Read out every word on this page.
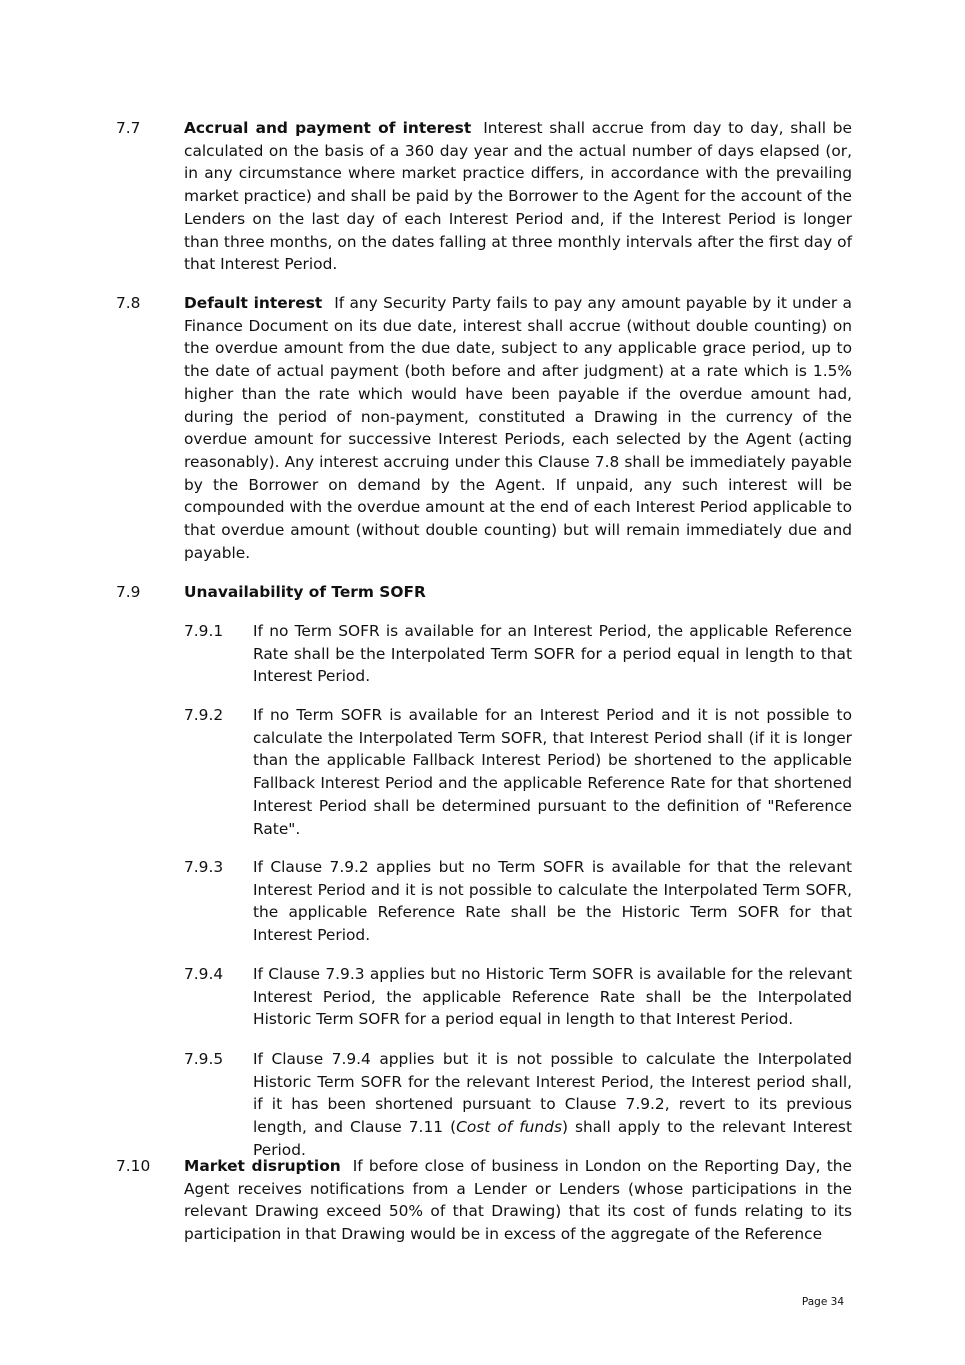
7.7	Accrual and payment of interest Interest shall accrue from day to day, shall be calculated on the basis of a 360 day year and the actual number of days elapsed (or, in any circumstance where market practice differs, in accordance with the prevailing market practice) and shall be paid by the Borrower to the Agent for the account of the Lenders on the last day of each Interest Period and, if the Interest Period is longer than three months, on the dates falling at three monthly intervals after the first day of that Interest Period.
7.8	Default interest If any Security Party fails to pay any amount payable by it under a Finance Document on its due date, interest shall accrue (without double counting) on the overdue amount from the due date, subject to any applicable grace period, up to the date of actual payment (both before and after judgment) at a rate which is 1.5% higher than the rate which would have been payable if the overdue amount had, during the period of non-payment, constituted a Drawing in the currency of the overdue amount for successive Interest Periods, each selected by the Agent (acting reasonably). Any interest accruing under this Clause 7.8 shall be immediately payable by the Borrower on demand by the Agent. If unpaid, any such interest will be compounded with the overdue amount at the end of each Interest Period applicable to that overdue amount (without double counting) but will remain immediately due and payable.
7.9	Unavailability of Term SOFR
7.9.1 If no Term SOFR is available for an Interest Period, the applicable Reference Rate shall be the Interpolated Term SOFR for a period equal in length to that Interest Period.
7.9.2 If no Term SOFR is available for an Interest Period and it is not possible to calculate the Interpolated Term SOFR, that Interest Period shall (if it is longer than the applicable Fallback Interest Period) be shortened to the applicable Fallback Interest Period and the applicable Reference Rate for that shortened Interest Period shall be determined pursuant to the definition of "Reference Rate".
7.9.3 If Clause 7.9.2 applies but no Term SOFR is available for that the relevant Interest Period and it is not possible to calculate the Interpolated Term SOFR, the applicable Reference Rate shall be the Historic Term SOFR for that Interest Period.
7.9.4 If Clause 7.9.3 applies but no Historic Term SOFR is available for the relevant Interest Period, the applicable Reference Rate shall be the Interpolated Historic Term SOFR for a period equal in length to that Interest Period.
7.9.5 If Clause 7.9.4 applies but it is not possible to calculate the Interpolated Historic Term SOFR for the relevant Interest Period, the Interest period shall, if it has been shortened pursuant to Clause 7.9.2, revert to its previous length, and Clause 7.11 (Cost of funds) shall apply to the relevant Interest Period.
7.10 Market disruption If before close of business in London on the Reporting Day, the Agent receives notifications from a Lender or Lenders (whose participations in the relevant Drawing exceed 50% of that Drawing) that its cost of funds relating to its participation in that Drawing would be in excess of the aggregate of the Reference
Page 34
